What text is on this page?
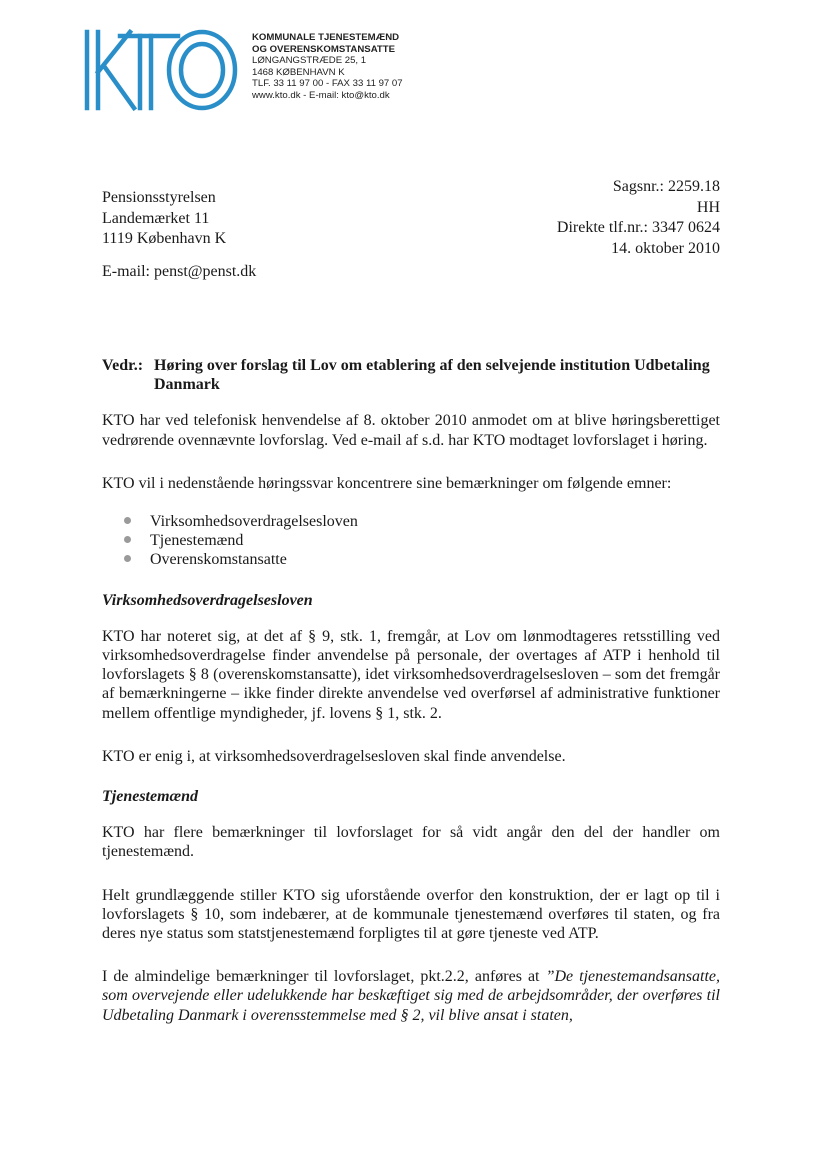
KOMMUNALE TJENESTEMÆND
OG OVERENSKOMSTANSATTE
LØNGANGSTRÆDE 25, 1
1468 KØBENHAVN K
TLF. 33 11 97 00 - FAX 33 11 97 07
www.kto.dk - E-mail: kto@kto.dk
Pensionsstyrelsen
Landemærket 11
1119 København K
Sagsnr.: 2259.18
HH
Direkte tlf.nr.: 3347 0624
14. oktober 2010
E-mail: penst@penst.dk
Vedr.: Høring over forslag til Lov om etablering af den selvejende institution Udbetaling Danmark

KTO har ved telefonisk henvendelse af 8. oktober 2010 anmodet om at blive høringsberettiget vedrørende ovennævnte lovforslag. Ved e-mail af s.d. har KTO modtaget lovforslaget i høring.

KTO vil i nedenstående høringssvar koncentrere sine bemærkninger om følgende emner:

Virksomhedsoverdragelsesloven
Tjenestemænd
Overenskomstansatte
Virksomhedsoverdragelsesloven

KTO har noteret sig, at det af § 9, stk. 1, fremgår, at Lov om lønmodtageres retsstilling ved virksomhedsoverdragelse finder anvendelse på personale, der overtages af ATP i henhold til lovforslagets § 8 (overenskomstansatte), idet virksomhedsoverdragelsesloven – som det fremgår af bemærkningerne – ikke finder direkte anvendelse ved overførsel af administrative funktioner mellem offentlige myndigheder, jf. lovens § 1, stk. 2.

KTO er enig i, at virksomhedsoverdragelsesloven skal finde anvendelse.

Tjenestemænd

KTO har flere bemærkninger til lovforslaget for så vidt angår den del der handler om tjenestemænd.

Helt grundlæggende stiller KTO sig uforstående overfor den konstruktion, der er lagt op til i lovforslagets § 10, som indebærer, at de kommunale tjenestemænd overføres til staten, og fra deres nye status som statstjenestemænd forpligtes til at gøre tjeneste ved ATP.

I de almindelige bemærkninger til lovforslaget, pkt.2.2, anføres at ”De tjenestemandsansatte, som overvejende eller udelukkende har beskæftiget sig med de arbejdsområder, der overføres til Udbetaling Danmark i overensstemmelse med § 2, vil blive ansat i staten,
